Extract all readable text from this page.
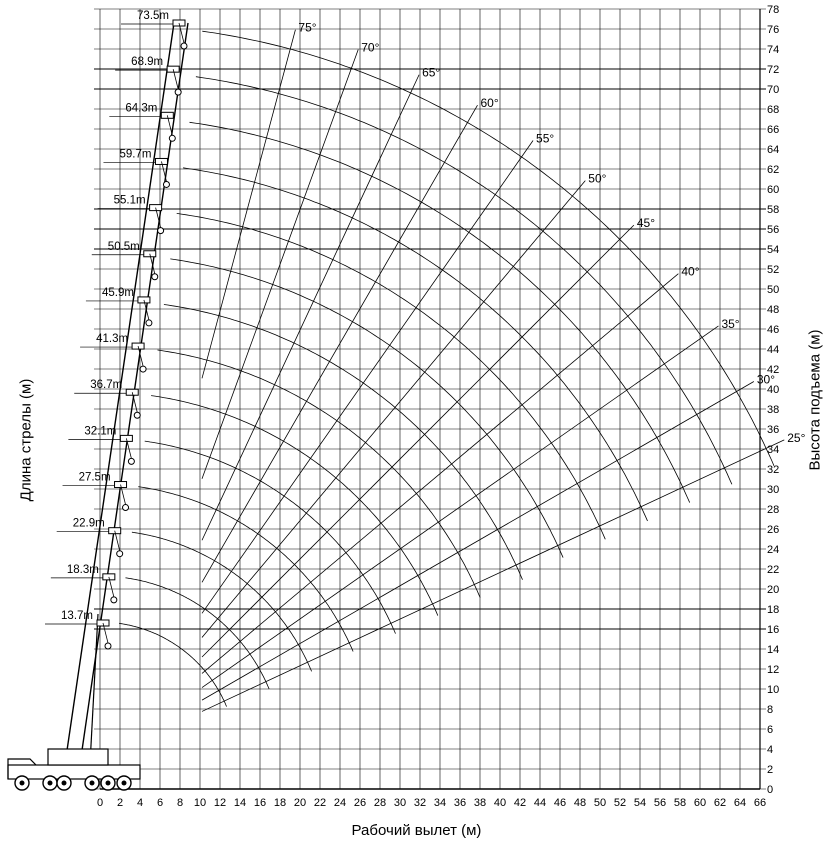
0 2 4 6 8 10 12 14 16 18 20 22 24 26 28 30 32 34 36 38 40 42 44 46 48 50 52 54 56 58 60 62 64 66
0
2
4
6
8
10
12
14
16
18
20
22
24
26
28
30
32
34
36
38
40
42
44
46
48
50
52
54
56
58
60
62
64
66
68
70
72
74
76
78
75°
70°
65°
60°
55°
50°
45°
40°
35°
30°
25°
13.7m
18.3m
22.9m
27.5m
32.1m
36.7m
41.3m
45.9m
50.5m
55.1m
59.7m
64.3m
68.9m
73.5m
Рабочий вылет (м)
Высота подъема (м)
Длина стрелы (м)
